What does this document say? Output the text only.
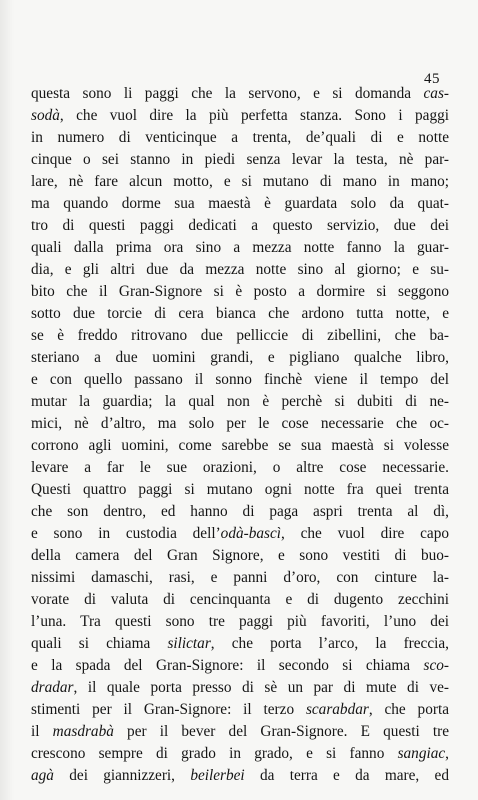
45
questa sono li paggi che la servono, e si domanda cas-
sodà, che vuol dire la più perfetta stanza. Sono i paggi
in numero di venticinque a trenta, de’quali di e notte
cinque o sei stanno in piedi senza levar la testa, nè par-
lare, nè fare alcun motto, e si mutano di mano in mano;
ma quando dorme sua maestà è guardata solo da quat-
tro di questi paggi dedicati a questo servizio, due dei
quali dalla prima ora sino a mezza notte fanno la guar-
dia, e gli altri due da mezza notte sino al giorno; e su-
bito che il Gran-Signore si è posto a dormire si seggono
sotto due torcie di cera bianca che ardono tutta notte, e
se è freddo ritrovano due pelliccie di zibellini, che ba-
steriano a due uomini grandi, e pigliano qualche libro,
e con quello passano il sonno finchè viene il tempo del
mutar la guardia; la qual non è perchè si dubiti di ne-
mici, nè d’altro, ma solo per le cose necessarie che oc-
corrono agli uomini, come sarebbe se sua maestà si volesse
levare a far le sue orazioni, o altre cose necessarie.
Questi quattro paggi si mutano ogni notte fra quei trenta
che son dentro, ed hanno di paga aspri trenta al dì,
e sono in custodia dell’odà-bascì, che vuol dire capo
della camera del Gran Signore, e sono vestiti di buo-
nissimi damaschi, rasi, e panni d’oro, con cinture la-
vorate di valuta di cencinquanta e di dugento zecchini
l’una. Tra questi sono tre paggi più favoriti, l’uno dei
quali si chiama silictar, che porta l’arco, la freccia,
e la spada del Gran-Signore: il secondo si chiama sco-
dradar, il quale porta presso di sè un par di mute di ve-
stimenti per il Gran-Signore: il terzo scarabdar, che porta
il masdrabà per il bever del Gran-Signore. E questi tre
crescono sempre di grado in grado, e si fanno sangiac,
agà dei giannizzeri, beilerbei da terra e da mare, ed
